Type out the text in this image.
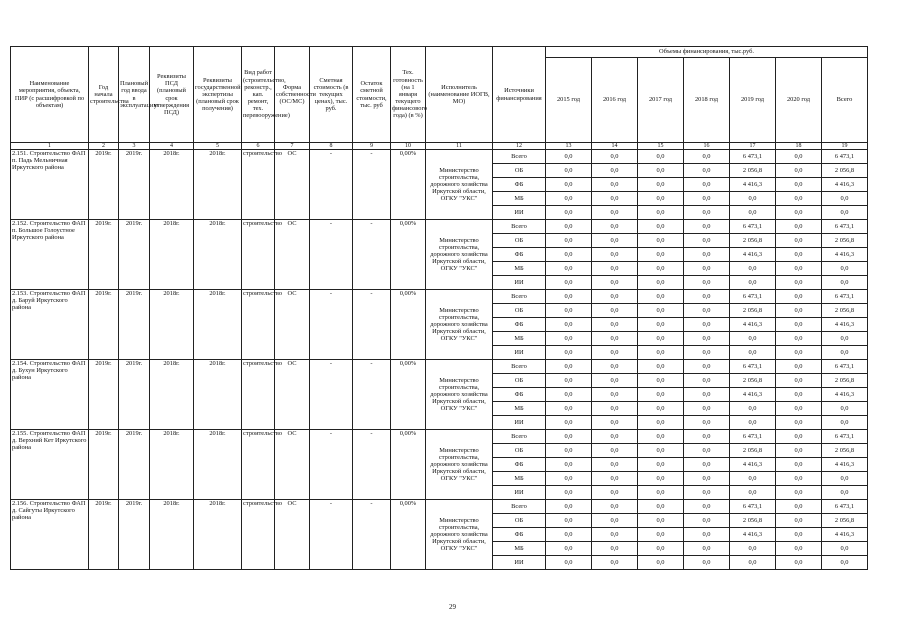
Наименование мероприятия, объекта, ПИР (с расшифровкой по объектам)	Год начала строительства	Плановый год ввода в эксплуатацию	Реквизиты ПСД (плановый срок утверждения ПСД)	Реквизиты государственной экспертизы (плановый срок получения)	Вид работ (строительство, реконстр., кап. ремонт, тех. перевооружение)	Форма собственности (ОС/МС)	Сметная стоимость (в текущих ценах), тыс. руб.	Остаток сметной стоимости, тыс. руб	Тех. готовность (на 1 января текущего финансового года) (в %)	Исполнитель (наименование ИОГВ, МО)	Источники финансирования	Объемы финансирования, тыс.руб.						
												2015 год	2016 год	2017 год	2018 год	2019 год	2020 год	Всего
1	2	3	4	5	6	7	8	9	10	11	12	13	14	15	16	17	18	19
2.151. Строительство ФАП п. Падь Мельничная Иркутского района	2019г.	2019г.	2018г.	2018г.	строительство	ОС	-	-	0,00%	Министерство строительства, дорожного хозяйства Иркутской области, ОГКУ "УКС"	Всего	0,0	0,0	0,0	0,0	6 473,1	0,0	6 473,1
											ОБ	0,0	0,0	0,0	0,0	2 056,8	0,0	2 056,8
											ФБ	0,0	0,0	0,0	0,0	4 416,3	0,0	4 416,3
											МБ	0,0	0,0	0,0	0,0	0,0	0,0	0,0
											ИИ	0,0	0,0	0,0	0,0	0,0	0,0	0,0
2.152. Строительство ФАП п. Большое Голоустное Иркутского района	2019г.	2019г.	2018г.	2018г.	строительство	ОС	-	-	0,00%	Министерство строительства, дорожного хозяйства Иркутской области, ОГКУ "УКС"	Всего	0,0	0,0	0,0	0,0	6 473,1	0,0	6 473,1
											ОБ	0,0	0,0	0,0	0,0	2 056,8	0,0	2 056,8
											ФБ	0,0	0,0	0,0	0,0	4 416,3	0,0	4 416,3
											МБ	0,0	0,0	0,0	0,0	0,0	0,0	0,0
											ИИ	0,0	0,0	0,0	0,0	0,0	0,0	0,0
2.153. Строительство ФАП д. Баруй Иркутского района	2019г.	2019г.	2018г.	2018г.	строительство	ОС	-	-	0,00%	Министерство строительства, дорожного хозяйства Иркутской области, ОГКУ "УКС"	Всего	0,0	0,0	0,0	0,0	6 473,1	0,0	6 473,1
											ОБ	0,0	0,0	0,0	0,0	2 056,8	0,0	2 056,8
											ФБ	0,0	0,0	0,0	0,0	4 416,3	0,0	4 416,3
											МБ	0,0	0,0	0,0	0,0	0,0	0,0	0,0
											ИИ	0,0	0,0	0,0	0,0	0,0	0,0	0,0
2.154. Строительство ФАП д. Бухун Иркутского района	2019г.	2019г.	2018г.	2018г.	строительство	ОС	-	-	0,00%	Министерство строительства, дорожного хозяйства Иркутской области, ОГКУ "УКС"	Всего	0,0	0,0	0,0	0,0	6 473,1	0,0	6 473,1
											ОБ	0,0	0,0	0,0	0,0	2 056,8	0,0	2 056,8
											ФБ	0,0	0,0	0,0	0,0	4 416,3	0,0	4 416,3
											МБ	0,0	0,0	0,0	0,0	0,0	0,0	0,0
											ИИ	0,0	0,0	0,0	0,0	0,0	0,0	0,0
2.155. Строительство ФАП д. Верхний Кет Иркутского района	2019г.	2019г.	2018г.	2018г.	строительство	ОС	-	-	0,00%	Министерство строительства, дорожного хозяйства Иркутской области, ОГКУ "УКС"	Всего	0,0	0,0	0,0	0,0	6 473,1	0,0	6 473,1
											ОБ	0,0	0,0	0,0	0,0	2 056,8	0,0	2 056,8
											ФБ	0,0	0,0	0,0	0,0	4 416,3	0,0	4 416,3
											МБ	0,0	0,0	0,0	0,0	0,0	0,0	0,0
											ИИ	0,0	0,0	0,0	0,0	0,0	0,0	0,0
2.156. Строительство ФАП д. Сайгуты Иркутского района	2019г.	2019г.	2018г.	2018г.	строительство	ОС	-	-	0,00%	Министерство строительства, дорожного хозяйства Иркутской области, ОГКУ "УКС"	Всего	0,0	0,0	0,0	0,0	6 473,1	0,0	6 473,1
											ОБ	0,0	0,0	0,0	0,0	2 056,8	0,0	2 056,8
											ФБ	0,0	0,0	0,0	0,0	4 416,3	0,0	4 416,3
											МБ	0,0	0,0	0,0	0,0	0,0	0,0	0,0
											ИИ	0,0	0,0	0,0	0,0	0,0	0,0	0,0
29
